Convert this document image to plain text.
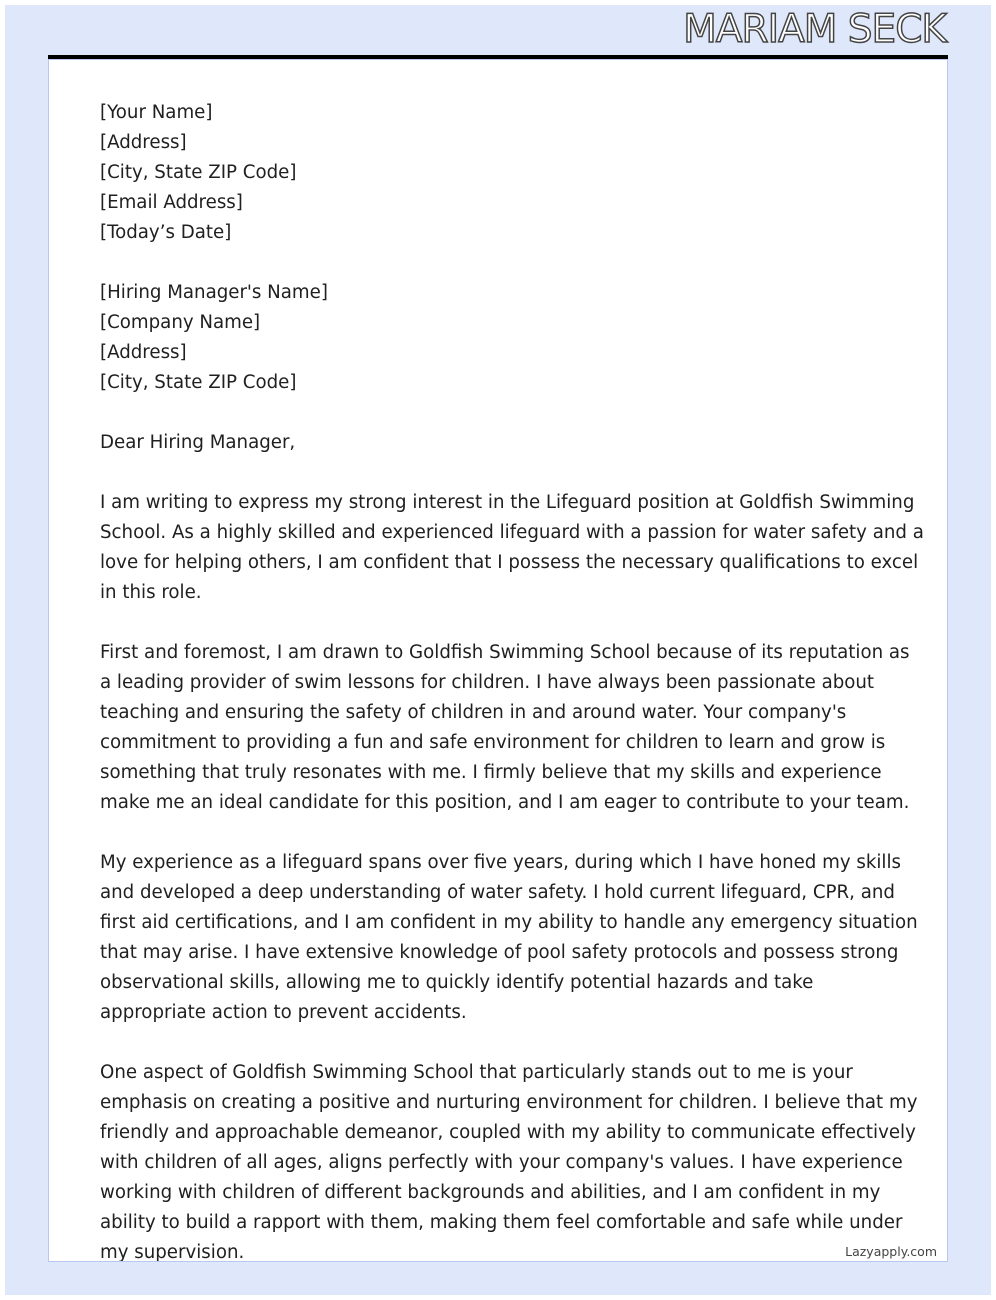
MARIAM SECK
[Your Name]
[Address]
[City, State ZIP Code]
[Email Address]
[Today’s Date]
[Hiring Manager's Name]
[Company Name]
[Address]
[City, State ZIP Code]
Dear Hiring Manager,
I am writing to express my strong interest in the Lifeguard position at Goldfish Swimming
School. As a highly skilled and experienced lifeguard with a passion for water safety and a
love for helping others, I am confident that I possess the necessary qualifications to excel
in this role.
First and foremost, I am drawn to Goldfish Swimming School because of its reputation as
a leading provider of swim lessons for children. I have always been passionate about
teaching and ensuring the safety of children in and around water. Your company's
commitment to providing a fun and safe environment for children to learn and grow is
something that truly resonates with me. I firmly believe that my skills and experience
make me an ideal candidate for this position, and I am eager to contribute to your team.
My experience as a lifeguard spans over five years, during which I have honed my skills
and developed a deep understanding of water safety. I hold current lifeguard, CPR, and
first aid certifications, and I am confident in my ability to handle any emergency situation
that may arise. I have extensive knowledge of pool safety protocols and possess strong
observational skills, allowing me to quickly identify potential hazards and take
appropriate action to prevent accidents.
One aspect of Goldfish Swimming School that particularly stands out to me is your
emphasis on creating a positive and nurturing environment for children. I believe that my
friendly and approachable demeanor, coupled with my ability to communicate effectively
with children of all ages, aligns perfectly with your company's values. I have experience
working with children of different backgrounds and abilities, and I am confident in my
ability to build a rapport with them, making them feel comfortable and safe while under
my supervision.	Lazyapply.com
